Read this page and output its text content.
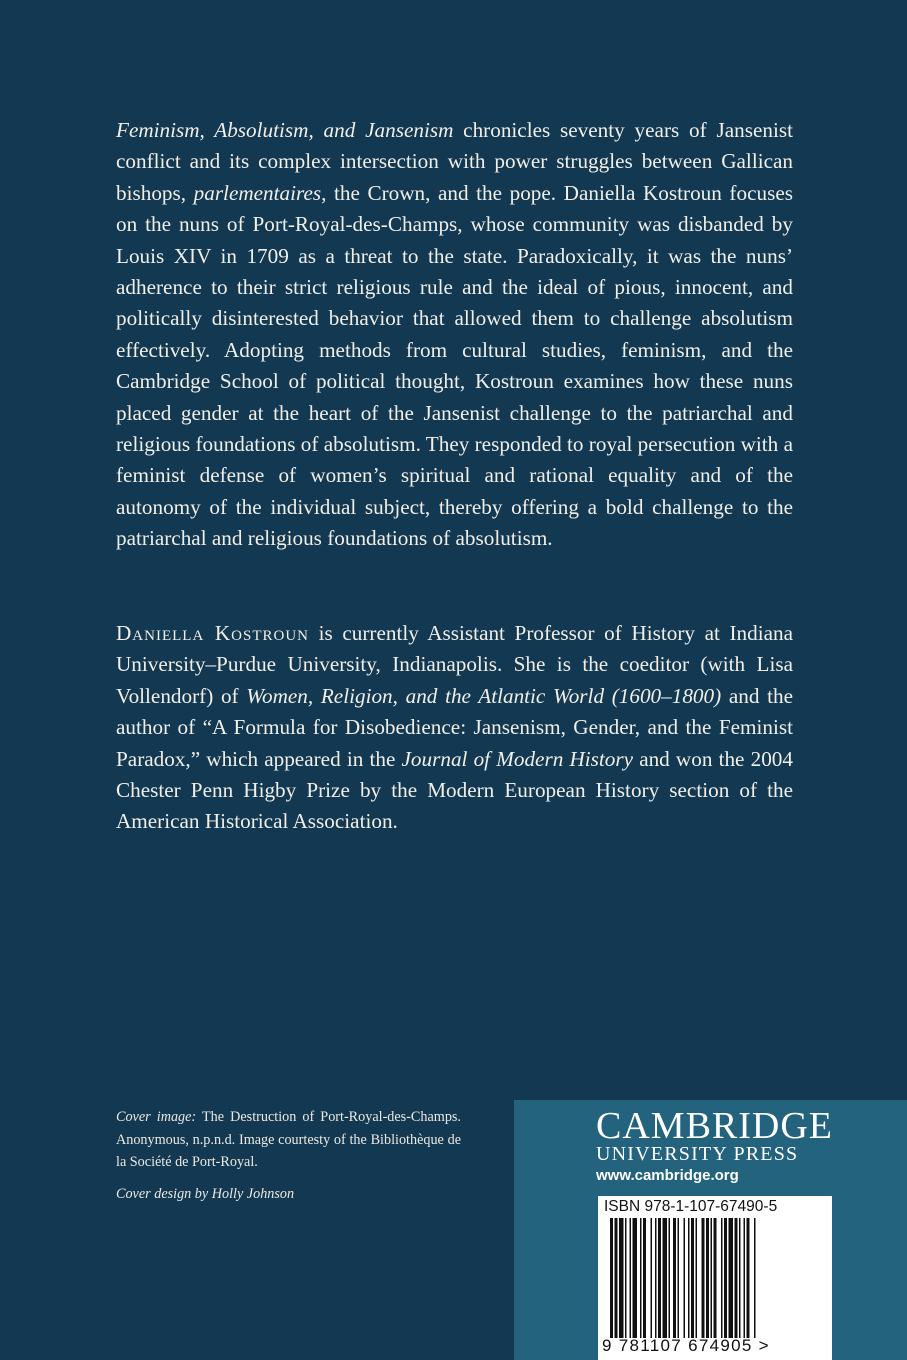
Feminism, Absolutism, and Jansenism chronicles seventy years of Jansenist conflict and its complex intersection with power struggles between Gallican bishops, parlementaires, the Crown, and the pope. Daniella Kostroun focuses on the nuns of Port-Royal-des-Champs, whose community was disbanded by Louis XIV in 1709 as a threat to the state. Paradoxically, it was the nuns’ adherence to their strict religious rule and the ideal of pious, innocent, and politically disinterested behavior that allowed them to challenge absolutism effectively. Adopting methods from cultural studies, feminism, and the Cambridge School of political thought, Kostroun examines how these nuns placed gender at the heart of the Jansenist challenge to the patriarchal and religious foundations of absolutism. They responded to royal persecution with a feminist defense of women’s spiritual and rational equality and of the autonomy of the individual subject, thereby offering a bold challenge to the patriarchal and religious foundations of absolutism.

Daniella Kostroun is currently Assistant Professor of History at Indiana University–Purdue University, Indianapolis. She is the coeditor (with Lisa Vollendorf) of Women, Religion, and the Atlantic World (1600–1800) and the author of “A Formula for Disobedience: Jansenism, Gender, and the Feminist Paradox,” which appeared in the Journal of Modern History and won the 2004 Chester Penn Higby Prize by the Modern European History section of the American Historical Association.

Cover image: The Destruction of Port-Royal-des-Champs. Anonymous, n.p.n.d. Image courtesty of the Bibliothèque de la Société de Port-Royal.

Cover design by Holly Johnson

CAMBRIDGE
UNIVERSITY PRESS
www.cambridge.org
ISBN 978-1-107-67490-5
9 781107 674905 >
